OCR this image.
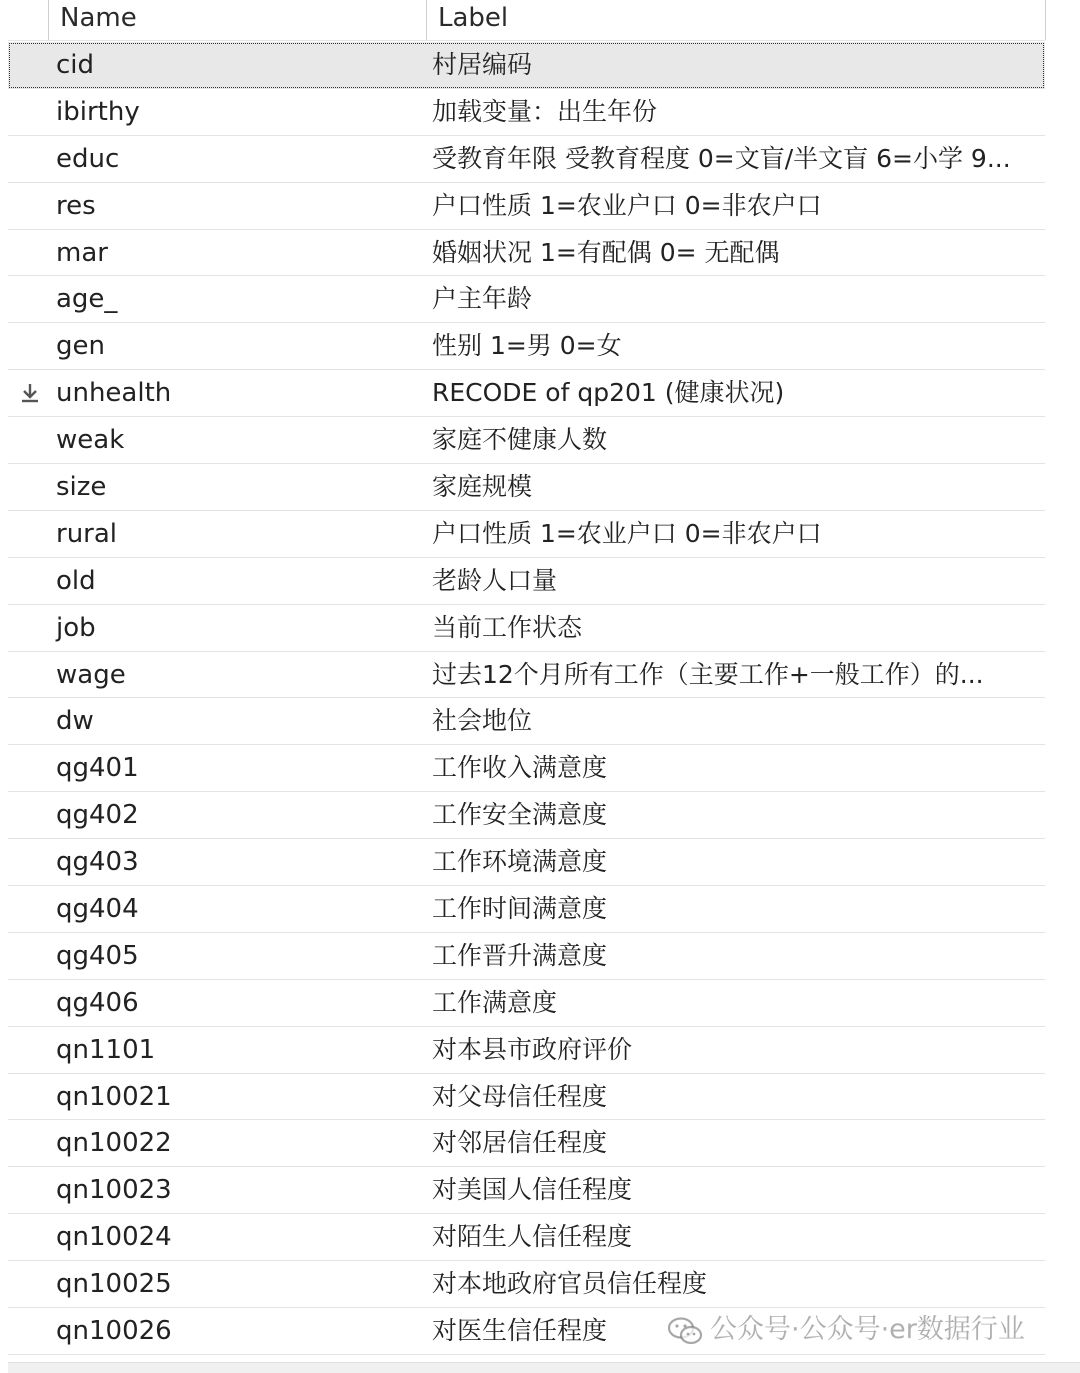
Name	Label
cid	村居编码
ibirthy	加载变量：出生年份
educ	受教育年限 受教育程度 0=文盲/半文盲 6=小学 9...
res	户口性质 1=农业户口 0=非农户口
mar	婚姻状况 1=有配偶 0= 无配偶
age_	户主年龄
gen	性别 1=男 0=女
unhealth	RECODE of qp201 (健康状况)
weak	家庭不健康人数
size	家庭规模
rural	户口性质 1=农业户口 0=非农户口
old	老龄人口量
job	当前工作状态
wage	过去12个月所有工作（主要工作+一般工作）的...
dw	社会地位
qg401	工作收入满意度
qg402	工作安全满意度
qg403	工作环境满意度
qg404	工作时间满意度
qg405	工作晋升满意度
qg406	工作满意度
qn1101	对本县市政府评价
qn10021	对父母信任程度
qn10022	对邻居信任程度
qn10023	对美国人信任程度
qn10024	对陌生人信任程度
qn10025	对本地政府官员信任程度
qn10026	对医生信任程度	公众号·公众号·er数据行业
